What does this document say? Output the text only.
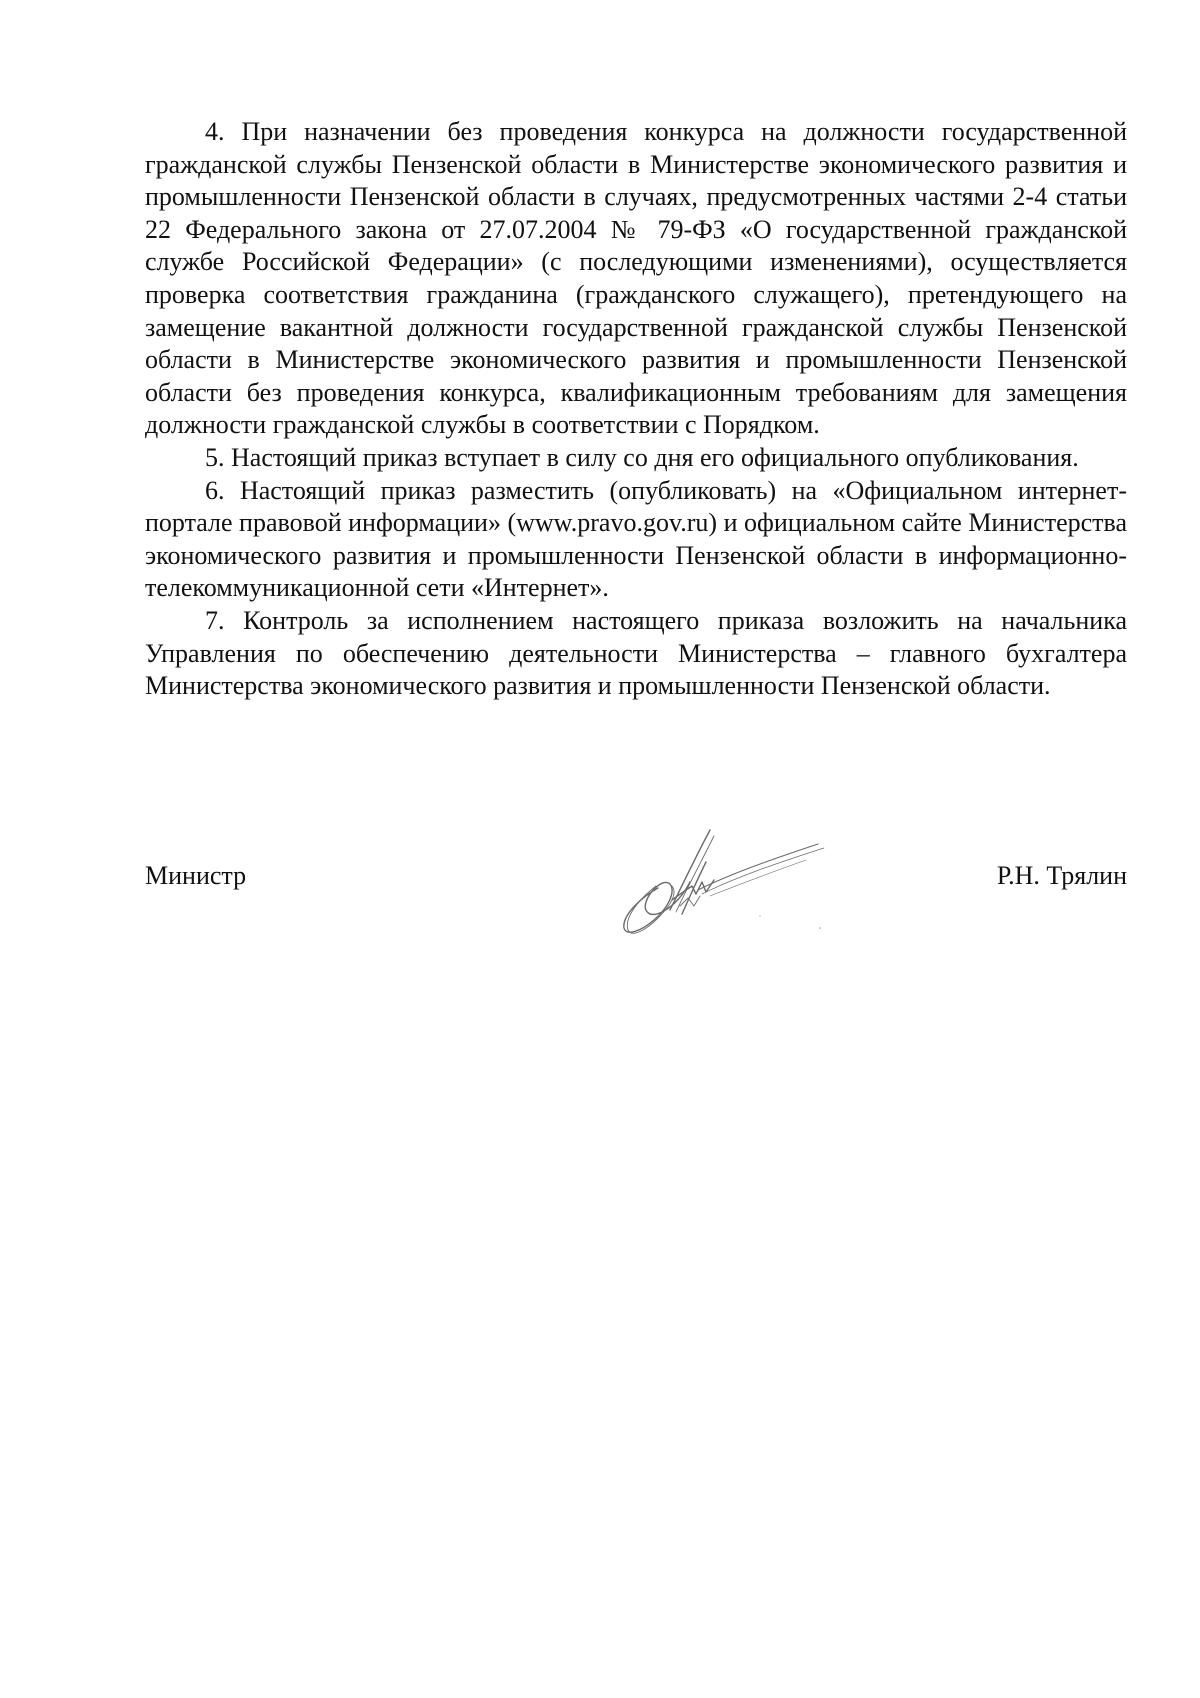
4. При назначении без проведения конкурса на должности государственной гражданской службы Пензенской области в Министерстве экономического развития и промышленности Пензенской области в случаях, предусмотренных частями 2-4 статьи 22 Федерального закона от 27.07.2004 № 79-ФЗ «О государственной гражданской службе Российской Федерации» (с последующими изменениями), осуществляется проверка соответствия гражданина (гражданского служащего), претендующего на замещение вакантной должности государственной гражданской службы Пензенской области в Министерстве экономического развития и промышленности Пензенской области без проведения конкурса, квалификационным требованиям для замещения должности гражданской службы в соответствии с Порядком.

5. Настоящий приказ вступает в силу со дня его официального опубликования.

6. Настоящий приказ разместить (опубликовать) на «Официальном интернет-портале правовой информации» (www.pravo.gov.ru) и официальном сайте Министерства экономического развития и промышленности Пензенской области в информационно-телекоммуникационной сети «Интернет».

7. Контроль за исполнением настоящего приказа возложить на начальника Управления по обеспечению деятельности Министерства – главного бухгалтера Министерства экономического развития и промышленности Пензенской области.

Министр	Р.Н. Трялин
